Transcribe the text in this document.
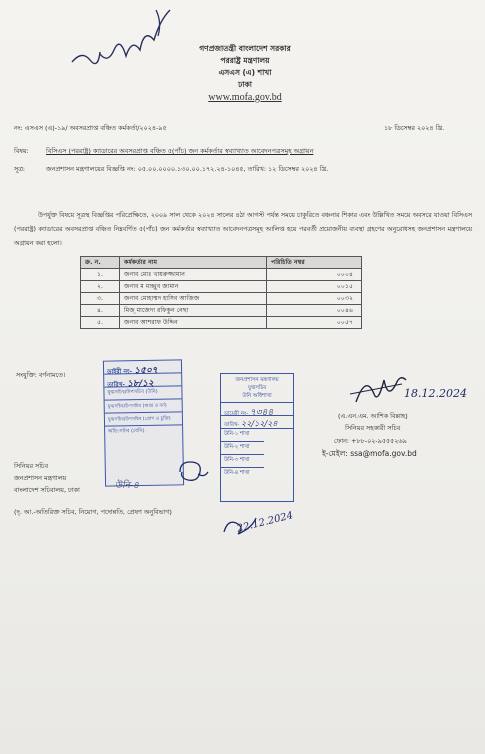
গণপ্রজাতন্ত্রী বাংলাদেশ সরকার
পররাষ্ট্র মন্ত্রণালয়
এসএস (এ) শাখা
ঢাকা
www.mofa.gov.bd
নং: এসএস (এ)-১৯/ অবসরপ্রাপ্ত বঞ্চিত কর্মকর্তা/২০২৪-৯৫	১৮ ডিসেম্বর ২০২৪ খ্রি.
বিষয়:	বিসিএস (পররাষ্ট্র) ক্যাডারের অবসরপ্রাপ্ত বঞ্চিত ৫(পাঁচ) জন কর্মকর্তার স্বব্যাখ্যাত আবেদনপত্রসমূহ অগ্রায়ন
সূত্র:	জনপ্রশাসন মন্ত্রণালয়ের বিজ্ঞপ্তি নং: ০৫.০০.০০০০.১৩০.০০.১৭২.২৪-১০৪৫, তারিখ: ১২ ডিসেম্বর ২০২৪ খ্রি.
উপর্যুক্ত বিষয়ে সূত্রস্থ বিজ্ঞপ্তির পরিপ্রেক্ষিতে, ২০০৯ সাল থেকে ২০২৪ সালের ৪ঠা আগস্ট পর্যন্ত সময়ে চাকুরিতে বঞ্চনার শিকার এবং উল্লিখিত সময়ে অবসরে যাওয়া বিসিএস (পররাষ্ট্র) ক্যাডারের অবসরপ্রাপ্ত বঞ্চিত নিম্নবর্ণিত ৫(পাঁচ) জন কর্মকর্তার স্বব্যাখ্যাত আবেদনপত্রসমূহ আলিপ্ত হয়ে পরবর্তী প্রয়োজনীয় ব্যবস্থা গ্রহণের অনুরোধসহ জনপ্রশাসন মন্ত্রণালয়ে অগ্রায়ন করা হলো।
ক্র. ন.	কর্মকর্তার নাম	পরিচিতি নম্বর
১.	জনাব মোঃ খায়রুজ্জামান	০০০৪
২.	জনাব ম মাহ্বুব জামান	০০১৫
৩.	জনাব মোহাম্মদ হাসিব আজিজ	০০৩২
৪.	মিজ্ মাজেদা রফিকুন নেছা	০০৪৬
৫.	জনাব আশরাফ উদ্দিন	০০৫৭
সংযুক্তি: বর্ণনামতে।	ডাইরী নং- ১৫০৭
তারিখ- ১৮/১২
যুগ্মসচিব/উপসচিব (উনি)
যুগ্মসচিব/উপসচিব (আগ্র ও বর্ন)
যুগ্মসচিব/উপসচিব (প্রোগ ও চুক্তি)
অতি:সচিব (বেসি)
জনপ্রশাসন মন্ত্রণালয়
যুগ্মসচিব
উনি অধিশাখা
ডায়েরী নং- ৭৩৪৪
তারিখ- ২২/১২/২৪
উনি-১ শাখা
উনি-২ শাখা
উনি-৩ শাখা
উনি-৪ শাখা
18.12.2024
(এ.এন.এম. আশিক বিল্লাহ)
সিনিয়র সহকারী সচিব
ফোন: +৮৮-০২-৯৫৫৫২৬৯
ই-মেইল: ssa@mofa.gov.bd
সিনিয়র সচিব
জনপ্রশাসন মন্ত্রণালয়
বাংলাদেশ সচিবালয়, ঢাকা	উনি-৪
(দৃ. আ.-অতিরিক্ত সচিব, নিয়োগ, পদোন্নতি, প্রেষণ অনুবিভাগ)	22.12.2024
